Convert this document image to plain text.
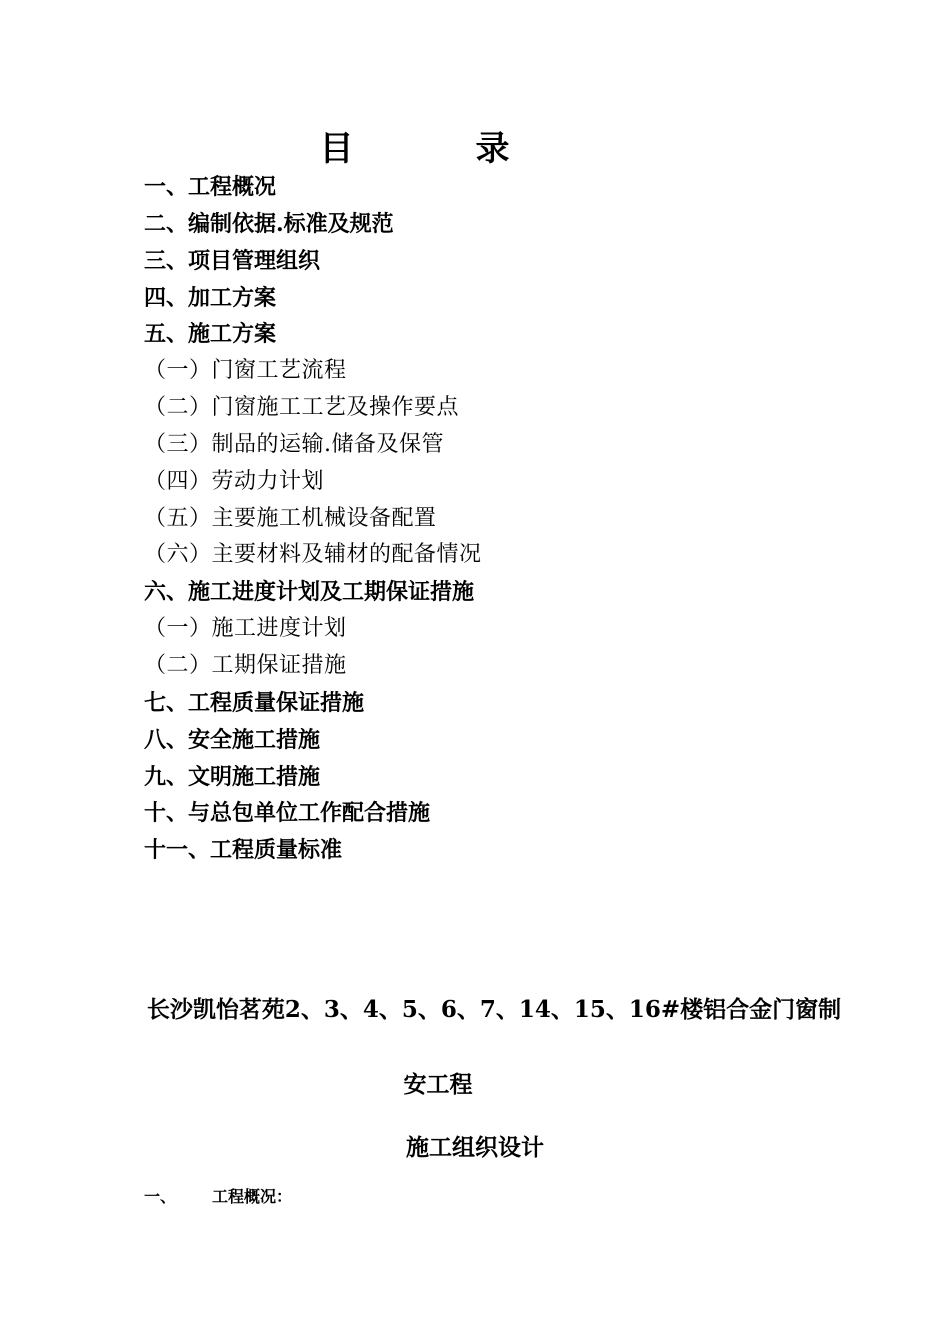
目　录
一、工程概况
二、编制依据.标准及规范
三、项目管理组织
四、加工方案
五、施工方案
（一）门窗工艺流程
（二）门窗施工工艺及操作要点
（三）制品的运输.储备及保管
（四）劳动力计划
（五）主要施工机械设备配置
（六）主要材料及辅材的配备情况
六、施工进度计划及工期保证措施
（一）施工进度计划
（二）工期保证措施
七、工程质量保证措施
八、安全施工措施
九、文明施工措施
十、与总包单位工作配合措施
十一、工程质量标准

长沙凯怡茗苑2、3、4、5、6、7、14、15、16#楼铝合金门窗制

安工程

施工组织设计

一、 工程概况：
